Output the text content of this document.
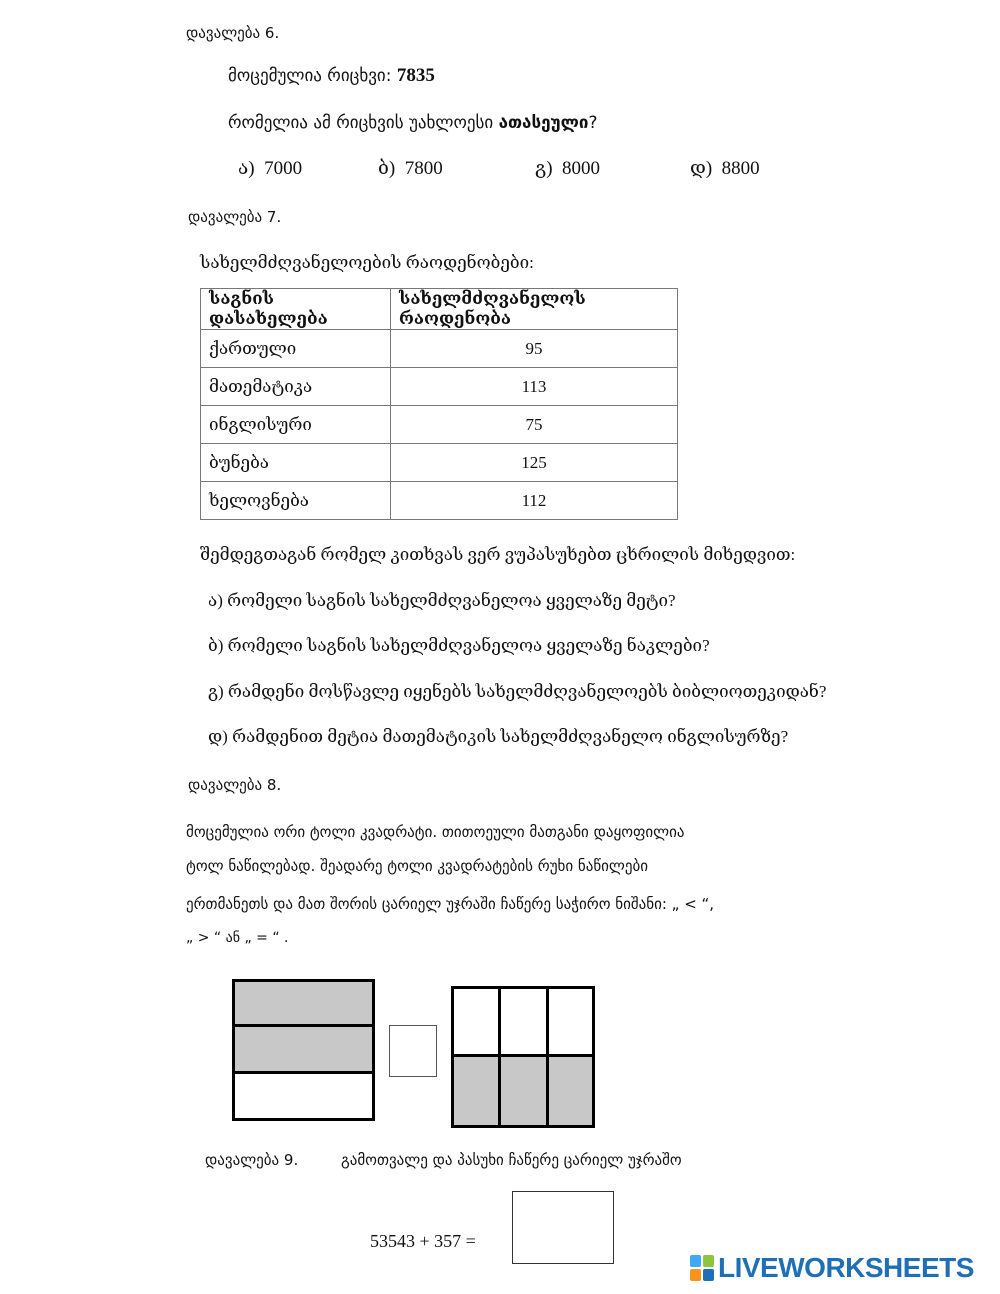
დავალება 6.
მოცემულია რიცხვი: 7835
რომელია ამ რიცხვის უახლოესი ათასეული?
ა) 7000	ბ) 7800	გ) 8000	დ) 8800
დავალება 7.
სახელმძღვანელოების რაოდენობები:
საგნის დასახელება	სახელმძღვანელოს რაოდენობა
ქართული	95
მათემატიკა	113
ინგლისური	75
ბუნება	125
ხელოვნება	112
შემდეგთაგან რომელ კითხვას ვერ ვუპასუხებთ ცხრილის მიხედვით:
ა) რომელი საგნის სახელმძღვანელოა ყველაზე მეტი?
ბ) რომელი საგნის სახელმძღვანელოა ყველაზე ნაკლები?
გ) რამდენი მოსწავლე იყენებს სახელმძღვანელოებს ბიბლიოთეკიდან?
დ) რამდენით მეტია მათემატიკის სახელმძღვანელო ინგლისურზე?
დავალება 8.
მოცემულია ორი ტოლი კვადრატი. თითოეული მათგანი დაყოფილია
ტოლ ნაწილებად. შეადარე ტოლი კვადრატების რუხი ნაწილები
ერთმანეთს და მათ შორის ცარიელ უჯრაში ჩაწერე საჭირო ნიშანი: „ < “,
„ > “ ან „ = “ .
დავალება 9.	გამოთვალე და პასუხი ჩაწერე ცარიელ უჯრაშო
53543 + 357 =
LIVEWORKSHEETS
